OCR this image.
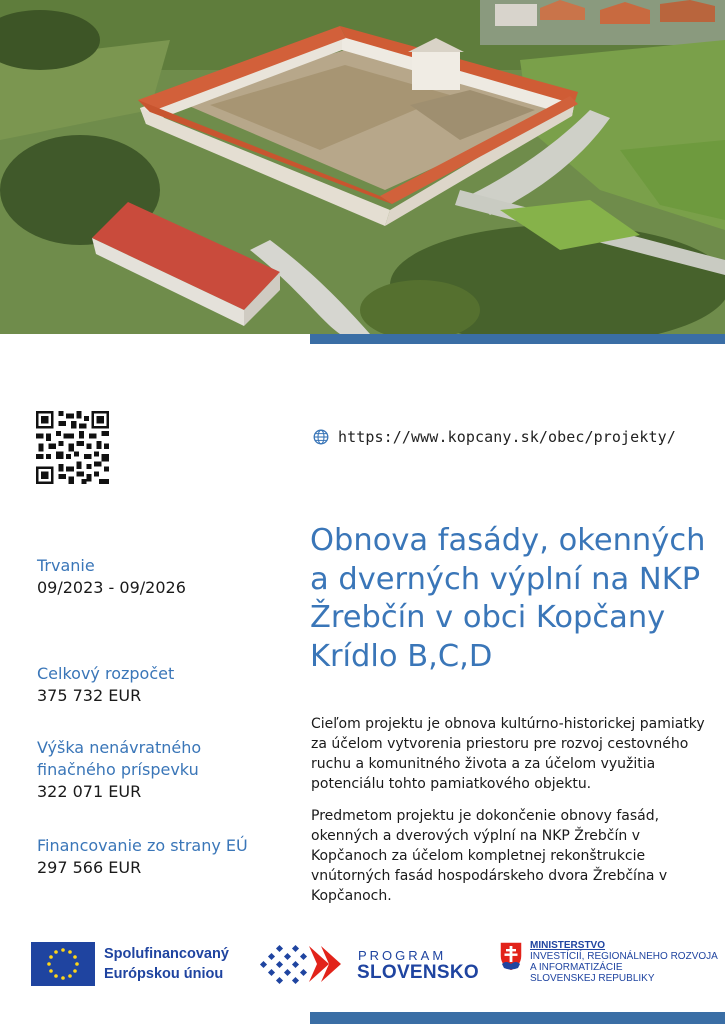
https://www.kopcany.sk/obec/projekty/
Obnova fasády, okenných a dverných výplní na NKP Žrebčín v obci Kopčany Krídlo B,C,D
Trvanie
09/2023 - 09/2026
Celkový rozpočet
375 732 EUR
Výška nenávratného finačného príspevku
322 071 EUR
Financovanie zo strany EÚ
297 566 EUR

Cieľom projektu je obnova kultúrno-historickej pamiatky za účelom vytvorenia priestoru pre rozvoj cestovného ruchu a komunitného života a za účelom využitia potenciálu tohto pamiatkového objektu.

Predmetom projektu je dokončenie obnovy fasád, okenných a dverových výplní na NKP Žrebčín v Kopčanoch za účelom kompletnej rekonštrukcie vnútorných fasád hospodárskeho dvora Žrebčína v Kopčanoch.

Spolufinancovaný
Európskou úniou
PROGRAM
SLOVENSKO
MINISTERSTVO
INVESTÍCIÍ, REGIONÁLNEHO ROZVOJA
A INFORMATIZÁCIE
SLOVENSKEJ REPUBLIKY
